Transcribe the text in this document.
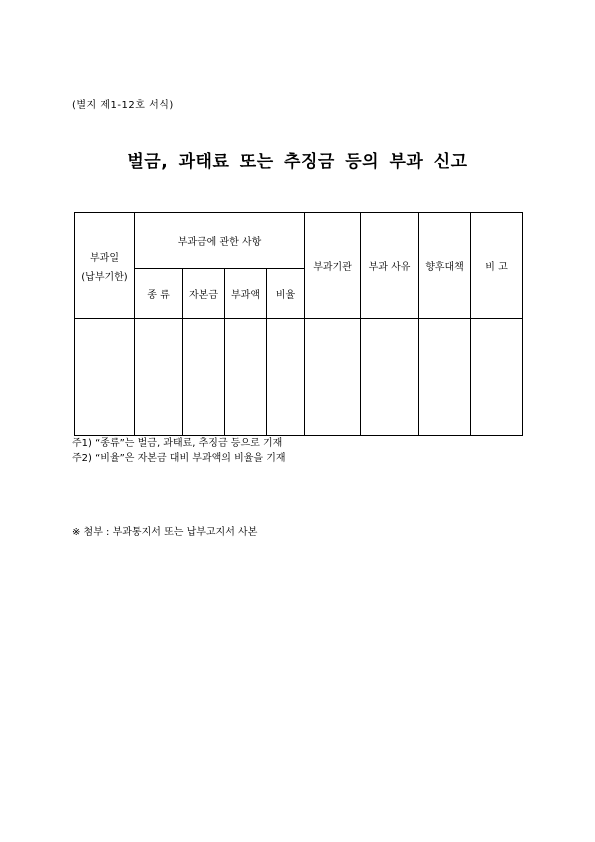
(별지 제1-12호 서식)
벌금, 과태료 또는 추징금 등의 부과 신고
부과일
(납부기한)	부과금에 관한 사항				부과기관	부과 사유	향후대책	비 고
	종 류	자본금	부과액	비율				

주1) “종류”는 벌금, 과태료, 추징금 등으로 기재
주2) “비율”은 자본금 대비 부과액의 비율을 기재
※ 첨부 : 부과통지서 또는 납부고지서 사본
